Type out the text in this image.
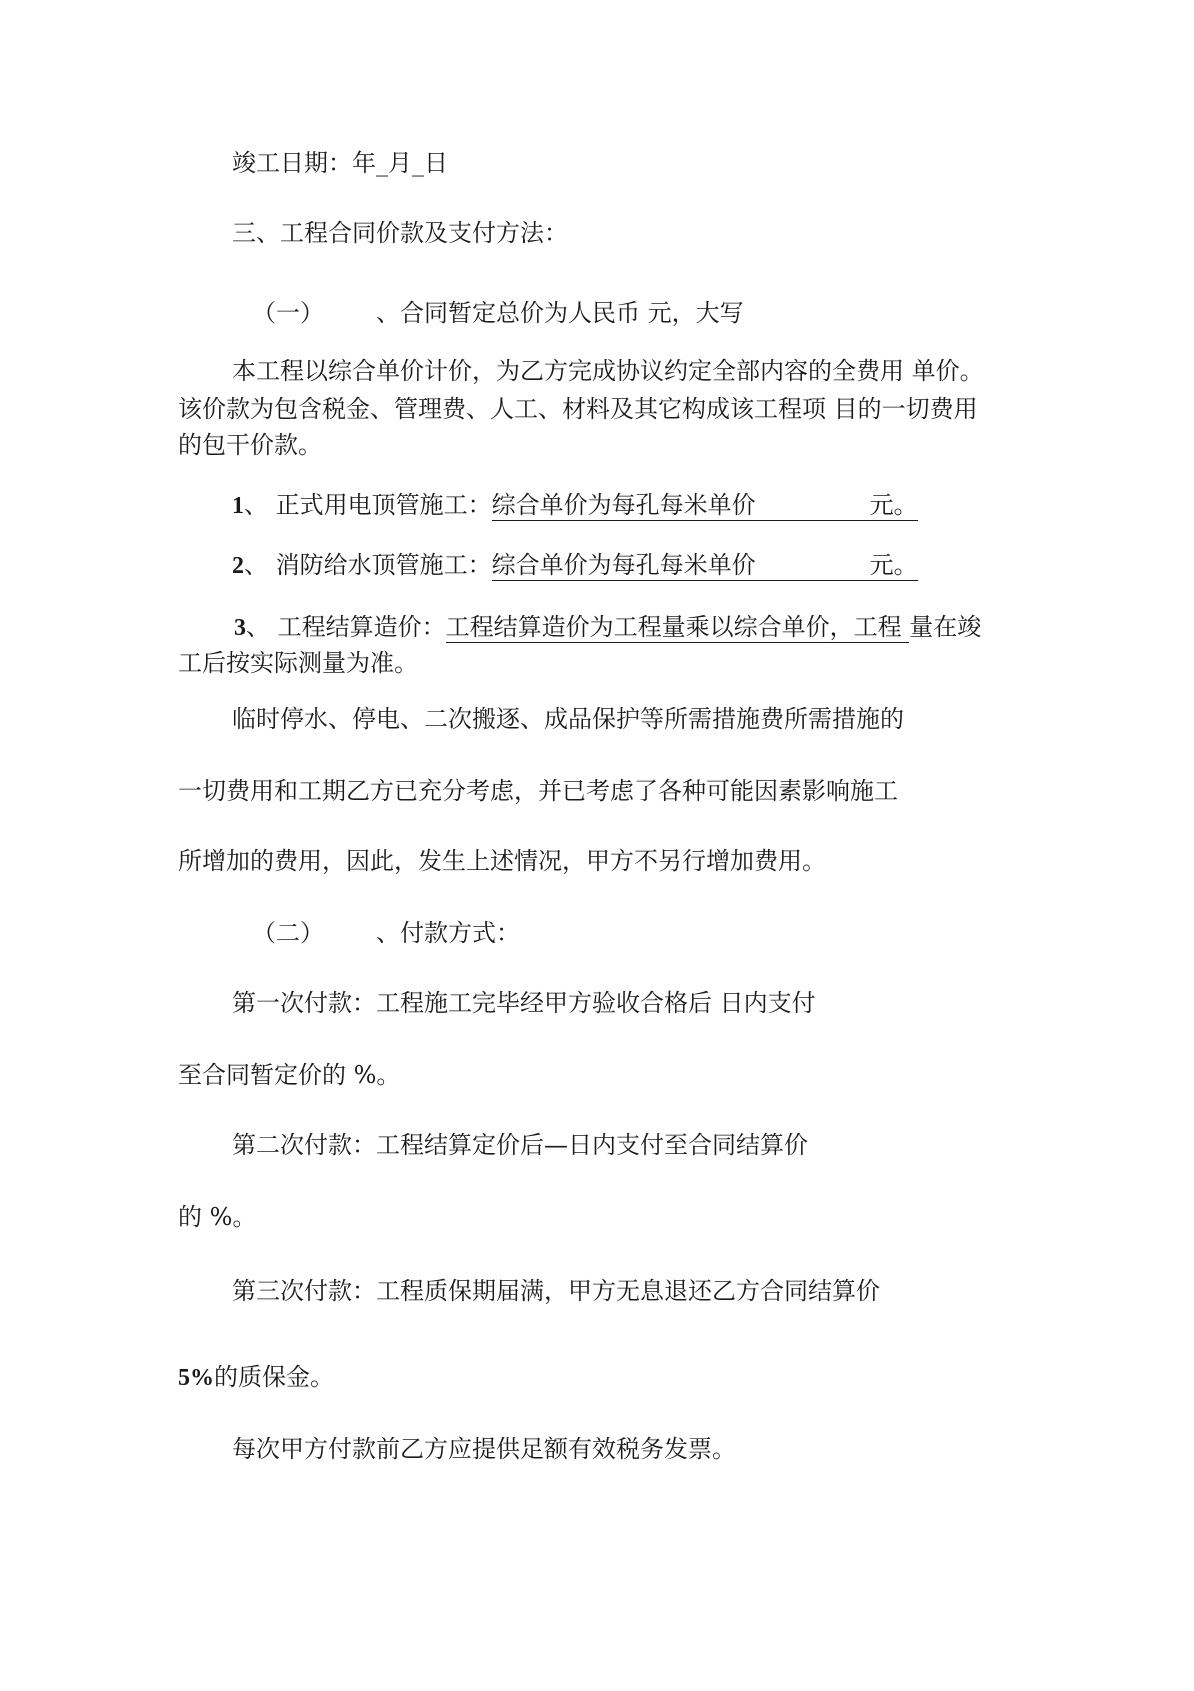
竣工日期：年_月_日
三、工程合同价款及支付方法：
（一） 、合同暂定总价为人民币 元，大写
本工程以综合单价计价，为乙方完成协议约定全部内容的全费用 单价。
该价款为包含税金、管理费、人工、材料及其它构成该工程项 目的一切费用
的包干价款。
1、 正式用电顶管施工：综合单价为每孔每米单价	元。
2、 消防给水顶管施工：综合单价为每孔每米单价	元。
3、 工程结算造价：工程结算造价为工程量乘以综合单价，工程 量在竣
工后按实际测量为准。
临时停水、停电、二次搬逐、成品保护等所需措施费所需措施的
一切费用和工期乙方已充分考虑，并已考虑了各种可能因素影响施工
所增加的费用，因此，发生上述情况，甲方不另行增加费用。
（二） 、付款方式：
第一次付款：工程施工完毕经甲方验收合格后 日内支付
至合同暂定价的 %。
第二次付款：工程结算定价后—日内支付至合同结算价
的 %。
第三次付款：工程质保期届满，甲方无息退还乙方合同结算价
5%的质保金。
每次甲方付款前乙方应提供足额有效税务发票。
